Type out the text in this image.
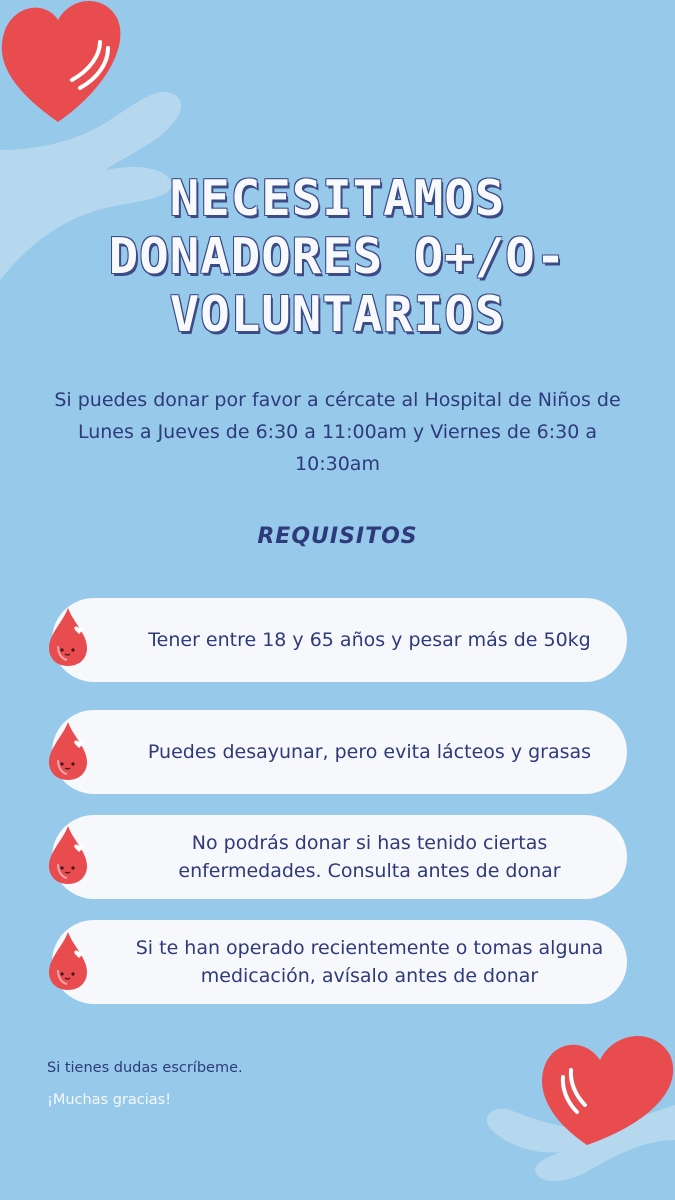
NECESITAMOS
DONADORES O+/O-
VOLUNTARIOS

Si puedes donar por favor a cércate al Hospital de Niños de Lunes a Jueves de 6:30 a 11:00am y Viernes de 6:30 a 10:30am

REQUISITOS
Tener entre 18 y 65 años y pesar más de 50kg
Puedes desayunar, pero evita lácteos y grasas
No podrás donar si has tenido ciertas enfermedades. Consulta antes de donar
Si te han operado recientemente o tomas alguna medicación, avísalo antes de donar

Si tienes dudas escríbeme.

¡Muchas gracias!
